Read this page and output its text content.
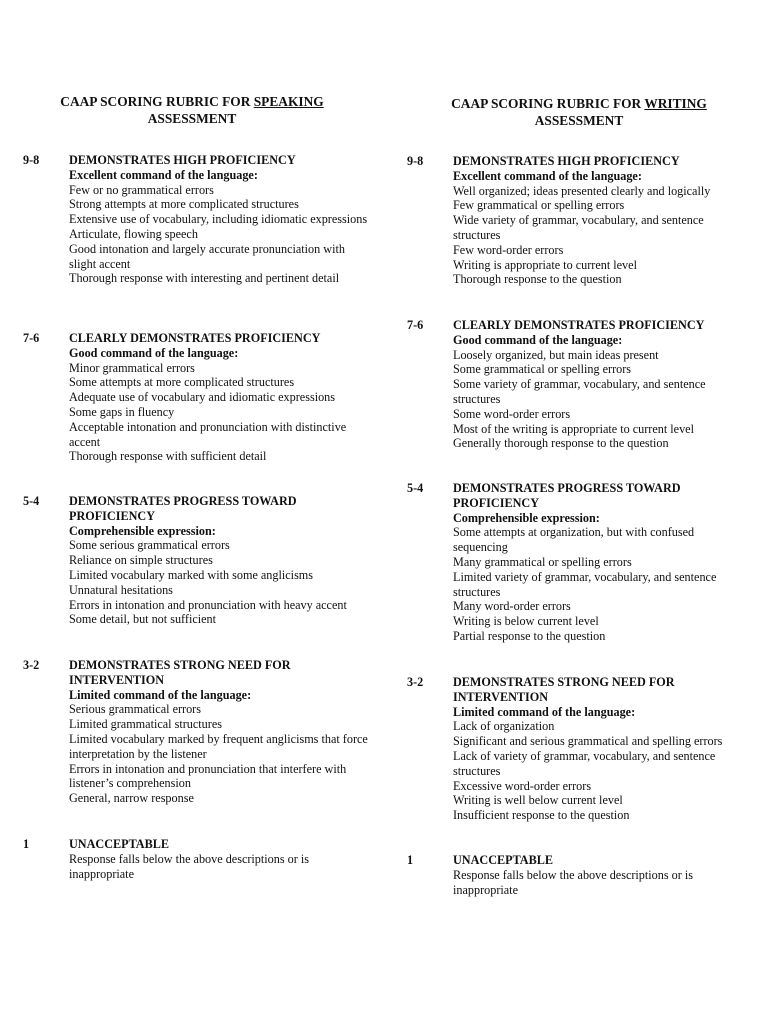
CAAP SCORING RUBRIC FOR SPEAKING
ASSESSMENT
9-8 DEMONSTRATES HIGH PROFICIENCY
Excellent command of the language:
Few or no grammatical errors
Strong attempts at more complicated structures
Extensive use of vocabulary, including idiomatic expressions
Articulate, flowing speech
Good intonation and largely accurate pronunciation with slight accent
Thorough response with interesting and pertinent detail
7-6 CLEARLY DEMONSTRATES PROFICIENCY
Good command of the language:
Minor grammatical errors
Some attempts at more complicated structures
Adequate use of vocabulary and idiomatic expressions
Some gaps in fluency
Acceptable intonation and pronunciation with distinctive accent
Thorough response with sufficient detail
5-4 DEMONSTRATES PROGRESS TOWARD PROFICIENCY
Comprehensible expression:
Some serious grammatical errors
Reliance on simple structures
Limited vocabulary marked with some anglicisms
Unnatural hesitations
Errors in intonation and pronunciation with heavy accent
Some detail, but not sufficient
3-2 DEMONSTRATES STRONG NEED FOR INTERVENTION
Limited command of the language:
Serious grammatical errors
Limited grammatical structures
Limited vocabulary marked by frequent anglicisms that force interpretation by the listener
Errors in intonation and pronunciation that interfere with listener’s comprehension
General, narrow response
1	UNACCEPTABLE
Response falls below the above descriptions or is inappropriate
CAAP SCORING RUBRIC FOR WRITING
ASSESSMENT
9-8 DEMONSTRATES HIGH PROFICIENCY
Excellent command of the language:
Well organized; ideas presented clearly and logically
Few grammatical or spelling errors
Wide variety of grammar, vocabulary, and sentence structures
Few word-order errors
Writing is appropriate to current level
Thorough response to the question
7-6 CLEARLY DEMONSTRATES PROFICIENCY
Good command of the language:
Loosely organized, but main ideas present
Some grammatical or spelling errors
Some variety of grammar, vocabulary, and sentence structures
Some word-order errors
Most of the writing is appropriate to current level
Generally thorough response to the question
5-4 DEMONSTRATES PROGRESS TOWARD PROFICIENCY
Comprehensible expression:
Some attempts at organization, but with confused sequencing
Many grammatical or spelling errors
Limited variety of grammar, vocabulary, and sentence structures
Many word-order errors
Writing is below current level
Partial response to the question
3-2 DEMONSTRATES STRONG NEED FOR INTERVENTION
Limited command of the language:
Lack of organization
Significant and serious grammatical and spelling errors
Lack of variety of grammar, vocabulary, and sentence structures
Excessive word-order errors
Writing is well below current level
Insufficient response to the question
1	UNACCEPTABLE
Response falls below the above descriptions or is inappropriate
